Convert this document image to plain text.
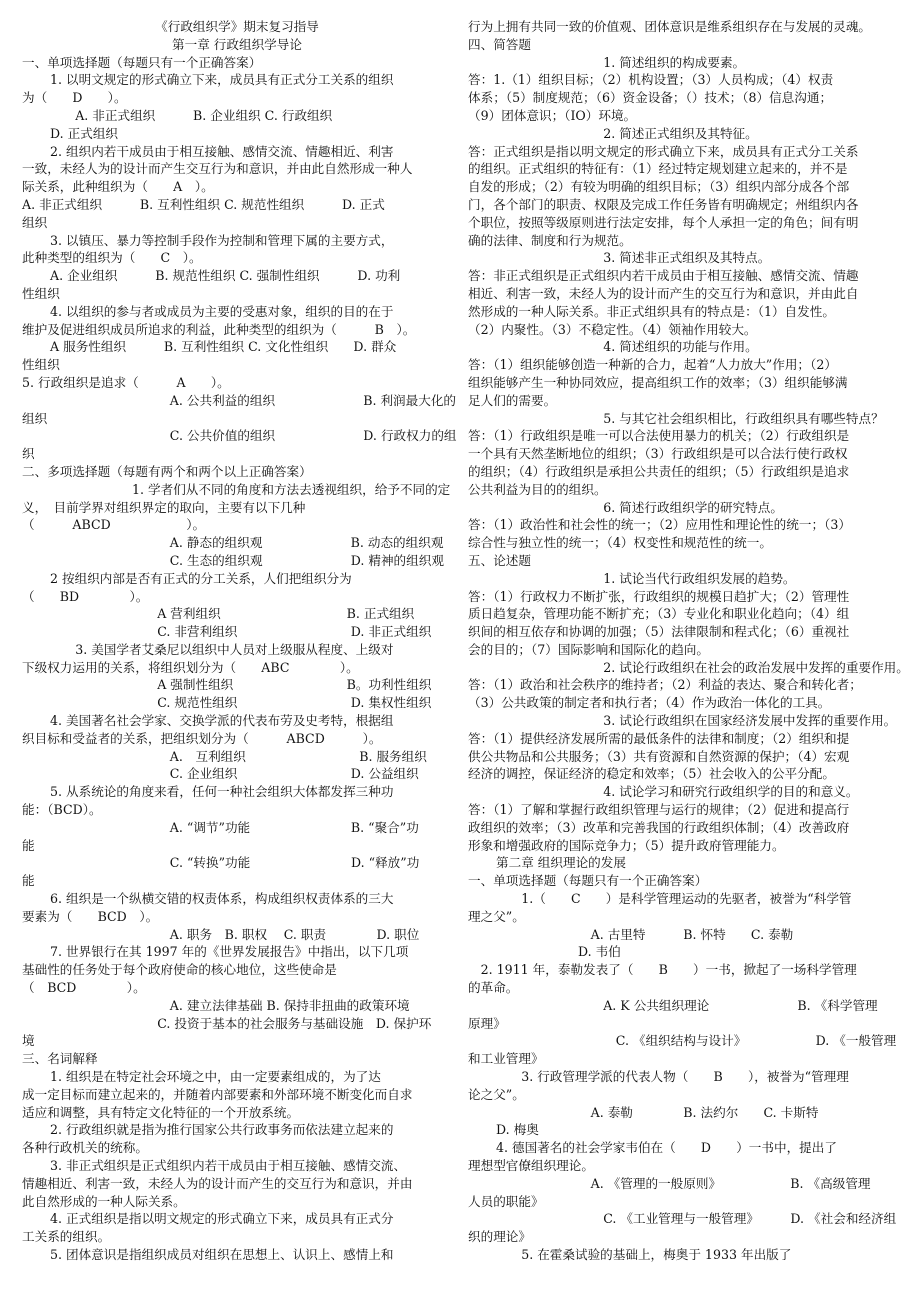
《行政组织学》期末复习指导
第一章 行政组织学导论
一、单项选择题（每题只有一个正确答案）
1. 以明文规定的形式确立下来，成员具有正式分工关系的组织
为（　　D　　）。
　　A. 非正式组织　　　B. 企业组织 C. 行政组织
D. 正式组织
2. 组织内若干成员由于相互接触、感情交流、情趣相近、利害
一致，未经人为的设计而产生交互行为和意识，并由此自然形成一种人
际关系，此种组织为（　　A　）。
A. 非正式组织　　　B. 互利性组织 C. 规范性组织　　　D. 正式
组织
3. 以镇压、暴力等控制手段作为控制和管理下属的主要方式，
此种类型的组织为（　　C　）。
A. 企业组织　　　B. 规范性组织 C. 强制性组织　　　D. 功利
性组织
4. 以组织的参与者或成员为主要的受惠对象，组织的目的在于
维护及促进组织成员所追求的利益，此种类型的组织为（　　　B　）。
A 服务性组织　　　B. 互利性组织 C. 文化性组织　　D. 群众
性组织
5. 行政组织是追求（　　　A　　）。
　　　A. 公共利益的组织　　　　　　　B. 利润最大化的
组织
　　　C. 公共价值的组织　　　　　　　D. 行政权力的组
织
二、多项选择题（每题有两个和两个以上正确答案）
1. 学者们从不同的角度和方法去透视组织，给予不同的定
义，　目前学界对组织界定的取向，主要有以下几种
（　　　ABCD　　　　　　）。
　　　A. 静态的组织观　　　　　　　B. 动态的组织观
　　　C. 生态的组织观　　　　　　　D. 精神的组织观
2 按组织内部是否有正式的分工关系，人们把组织分为
（　　BD　　　　）。
　　A 营利组织　　　　　　　　　　B. 正式组织
　　C. 非营利组织　　　　　　　　　D. 非正式组织
　　3. 美国学者艾桑尼以组织中人员对上级服从程度、上级对
下级权力运用的关系，将组织划分为（　　ABC　　　　）。
　　A 强制性组织　　　　　　　　　B。功利性组织
　　C. 规范性组织　　　　　　　　　D. 集权性组织
4. 美国著名社会学家、交换学派的代表布劳及史考特，根据组
织目标和受益者的关系，把组织划分为（　　　ABCD　　　）。
　　　A.　互利组织　　　　　　　　　B. 服务组织
　　　C. 企业组织　　　　　　　　　D. 公益组织
5. 从系统论的角度来看，任何一种社会组织大体都发挥三种功
能：（BCD）。
　　　A. “调节”功能　　　　　　　　B. “聚合”功
能
　　　C. “转换”功能　　　　　　　　D. “释放”功
能
6. 组织是一个纵横交错的权责体系，构成组织权责体系的三大
要素为（　　BCD　）。
　　　A. 职务　B. 职权　 C. 职责　　　　D. 职位
7. 世界银行在其 1997 年的《世界发展报告》中指出，以下几项
基础性的任务处于每个政府使命的核心地位，这些使命是
（　BCD　　　　）。
　　　A. 建立法律基础 B. 保持非扭曲的政策环境
　　C. 投资于基本的社会服务与基础设施　D. 保护环
境
三、名词解释
1. 组织是在特定社会环境之中，由一定要素组成的，为了达
成一定目标而建立起来的，并随着内部要素和外部环境不断变化而自求
适应和调整，具有特定文化特征的一个开放系统。
2. 行政组织就是指为推行国家公共行政事务而依法建立起来的
各种行政机关的统称。
3. 非正式组织是正式组织内若干成员由于相互接触、感情交流、
情趣相近、利害一致，未经人为的设计而产生的交互行为和意识，并由
此自然形成的一种人际关系。
4. 正式组织是指以明文规定的形式确立下来，成员具有正式分
工关系的组织。
5. 团体意识是指组织成员对组织在思想上、认识上、感情上和
行为上拥有共同一致的价值观、团体意识是维系组织存在与发展的灵魂。
四、简答题
　　1. 简述组织的构成要素。
答：1.（1）组织目标；（2）机构设置；（3）人员构成；（4）权责
体系；（5）制度规范；（6）资金设备；（）技术；（8）信息沟通；
（9）团体意识；（IO）环境。
　　2. 简述正式组织及其特征。
答：正式组织是指以明文规定的形式确立下来，成员具有正式分工关系
的组织。正式组织的特征有：（1）经过特定规划建立起来的，并不是
自发的形成；（2）有较为明确的组织目标；（3）组织内部分成各个部
门，各个部门的职责、权限及完成工作任务皆有明确规定；州组织内各
个职位，按照等级原则进行法定安排，每个人承担一定的角色；间有明
确的法律、制度和行为规范。
　　3. 简述非正式组织及其特点。
答：非正式组织是正式组织内若干成员由于相互接触、感情交流、情趣
相近、利害一致，未经人为的设计而产生的交互行为和意识，并由此自
然形成的一种人际关系。非正式组织具有的特点是：（1）自发性。
（2）内聚性。（3）不稳定性。（4）领袖作用较大。
　　4. 简述组织的功能与作用。
答：（1）组织能够创造一种新的合力，起着“人力放大”作用；（2）
组织能够产生一种协同效应，提高组织工作的效率；（3）组织能够满
足人们的需要。
　　5. 与其它社会组织相比，行政组织具有哪些特点？
答：（1）行政组织是唯一可以合法使用暴力的机关；（2）行政组织是
一个具有天然垄断地位的组织；（3）行政组织是可以合法行使行政权
的组织；（4）行政组织是承担公共责任的组织；（5）行政组织是追求
公共利益为目的的组织。
　　6. 简述行政组织学的研究特点。
答：（1）政治性和社会性的统一；（2）应用性和理论性的统一；（3）
综合性与独立性的统一；（4）权变性和规范性的统一。
五、论述题
　　1. 试论当代行政组织发展的趋势。
答：（1）行政权力不断扩张，行政组织的规模日趋扩大；（2）管理性
质日趋复杂，管理功能不断扩充；（3）专业化和职业化趋向；（4）组
织间的相互依存和协调的加强；（5）法律限制和程式化；（6）重视社
会的目的；（7）国际影响和国际化的趋向。
　　2. 试论行政组织在社会的政治发展中发挥的重要作用。
答：（1）政治和社会秩序的维持者；（2）利益的表达、聚合和转化者；
（3）公共政策的制定者和执行者；（4）作为政治一体化的工具。
　　3. 试论行政组织在国家经济发展中发挥的重要作用。
答：（1）提供经济发展所需的最低条件的法律和制度；（2）组织和提
供公共物品和公共服务；（3）共有资源和自然资源的保护；（4）宏观
经济的调控，保证经济的稳定和效率；（5）社会收入的公平分配。
　　4. 试论学习和研究行政组织学的目的和意义。
答：（1）了解和掌握行政组织管理与运行的规律；（2）促进和提高行
政组织的效率；（3）改革和完善我国的行政组织体制；（4）改善政府
形象和增强政府的国际竞争力；（5）提升政府管理能力。
第二章 组织理论的发展
一、单项选择题（每题只有一个正确答案）
　　1.（　　C　　）是科学管理运动的先驱者，被誉为“科学管
理之父”。
　A. 古里特　　　B. 怀特　　C. 泰勒
D. 韦伯
　2. 1911 年，泰勒发表了（　　B　　）一书，掀起了一场科学管理
的革命。
　　A. K 公共组织理论　　　　　　　B. 《科学管理
原理》
　　　C. 《组织结构与设计》　　　　　　D. 《一般管理
和工业管理》
　　3. 行政管理学派的代表人物（　　B　　），被誉为“管理理
论之父”。
　A. 泰勒　　　　B. 法约尔　　C. 卡斯特
D. 梅奥
4. 德国著名的社会学家韦伯在（　　D　　）一书中，提出了
理想型官僚组织理论。
　A. 《管理的一般原则》　　　　　　B. 《高级管理
人员的职能》
　　C. 《工业管理与一般管理》　　　D. 《社会和经济组
织的理论》
　　5. 在霍桑试验的基础上，梅奥于 1933 年出版了
